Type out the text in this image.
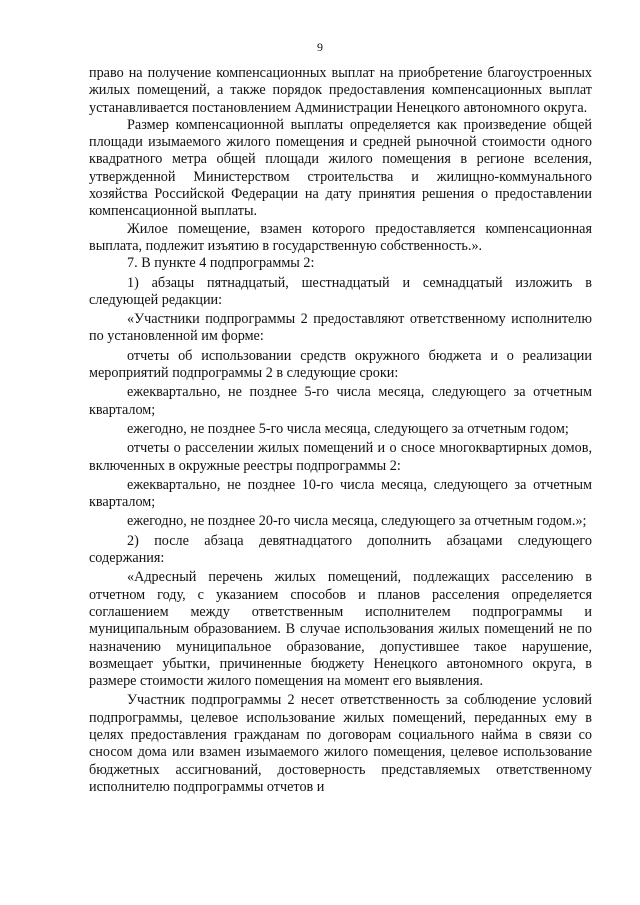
9

право на получение компенсационных выплат на приобретение благоустроенных жилых помещений, а также порядок предоставления компенсационных выплат устанавливается постановлением Администрации Ненецкого автономного округа.

Размер компенсационной выплаты определяется как произведение общей площади изымаемого жилого помещения и средней рыночной стоимости одного квадратного метра общей площади жилого помещения в регионе вселения, утвержденной Министерством строительства и жилищно-коммунального хозяйства Российской Федерации на дату принятия решения о предоставлении компенсационной выплаты.

Жилое помещение, взамен которого предоставляется компенсационная выплата, подлежит изъятию в государственную собственность.».

7. В пункте 4 подпрограммы 2:

1) абзацы пятнадцатый, шестнадцатый и семнадцатый изложить в следующей редакции:

«Участники подпрограммы 2 предоставляют ответственному исполнителю по установленной им форме:

отчеты об использовании средств окружного бюджета и о реализации мероприятий подпрограммы 2 в следующие сроки:

ежеквартально, не позднее 5-го числа месяца, следующего за отчетным кварталом;

ежегодно, не позднее 5-го числа месяца, следующего за отчетным годом;

отчеты о расселении жилых помещений и о сносе многоквартирных домов, включенных в окружные реестры подпрограммы 2:

ежеквартально, не позднее 10-го числа месяца, следующего за отчетным кварталом;

ежегодно, не позднее 20-го числа месяца, следующего за отчетным годом.»;

2) после абзаца девятнадцатого дополнить абзацами следующего содержания:

«Адресный перечень жилых помещений, подлежащих расселению в отчетном году, с указанием способов и планов расселения определяется соглашением между ответственным исполнителем подпрограммы и муниципальным образованием. В случае использования жилых помещений не по назначению муниципальное образование, допустившее такое нарушение, возмещает убытки, причиненные бюджету Ненецкого автономного округа, в размере стоимости жилого помещения на момент его выявления.

Участник подпрограммы 2 несет ответственность за соблюдение условий подпрограммы, целевое использование жилых помещений, переданных ему в целях предоставления гражданам по договорам социального найма в связи со сносом дома или взамен изымаемого жилого помещения, целевое использование бюджетных ассигнований, достоверность представляемых ответственному исполнителю подпрограммы отчетов и
